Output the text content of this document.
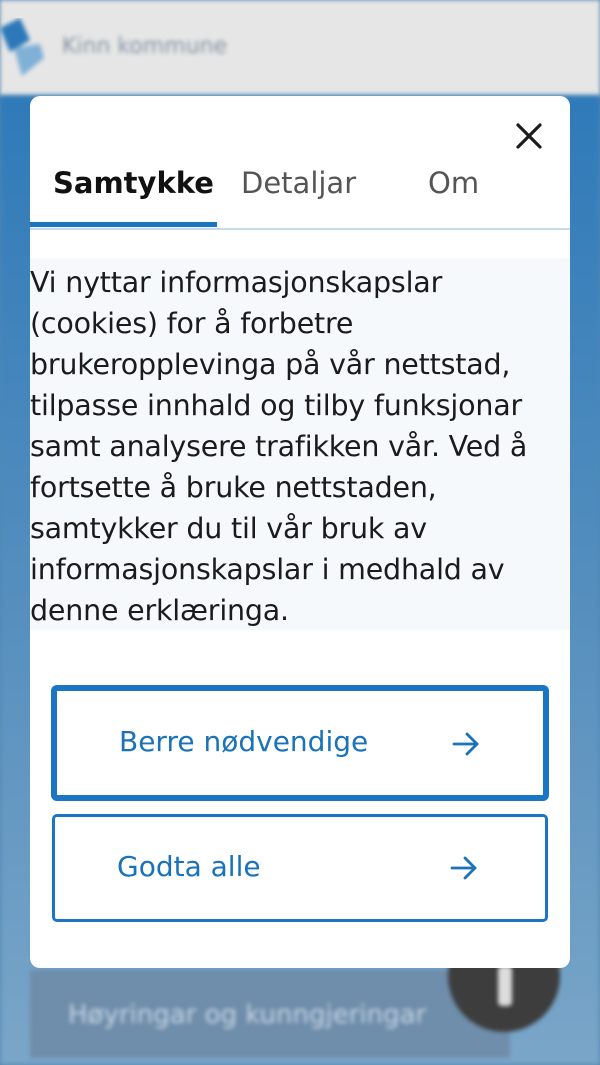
Kinn kommune
Høyringar og kunngjeringar
Samtykke Detaljar Om
Vi nyttar informasjonskapslar
(cookies) for å forbetre
brukeropplevinga på vår nettstad,
tilpasse innhald og tilby funksjonar
samt analysere trafikken vår. Ved å
fortsette å bruke nettstaden,
samtykker du til vår bruk av
informasjonskapslar i medhald av
denne erklæringa.
Berre nødvendige
Godta alle
